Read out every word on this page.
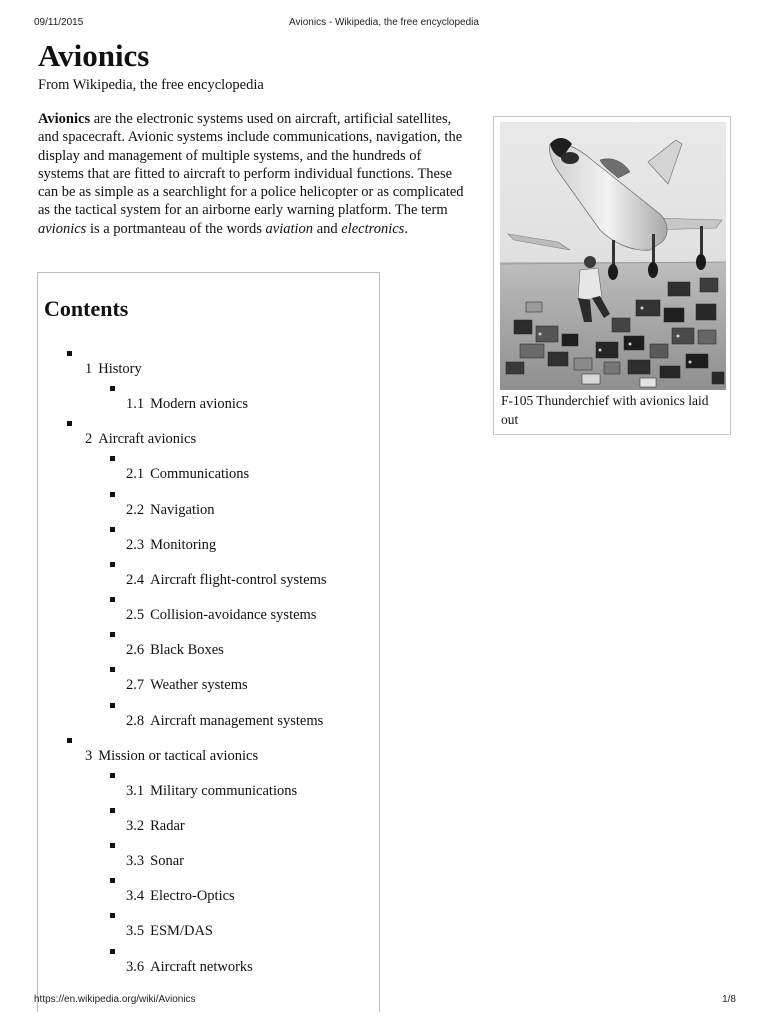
09/11/2015	Avionics - Wikipedia, the free encyclopedia
Avionics
From Wikipedia, the free encyclopedia

Avionics are the electronic systems used on aircraft, artificial satellites, and spacecraft. Avionic systems include communications, navigation, the display and management of multiple systems, and the hundreds of systems that are fitted to aircraft to perform individual functions. These can be as simple as a searchlight for a police helicopter or as complicated as the tactical system for an airborne early warning platform. The term avionics is a portmanteau of the words aviation and electronics.

F-105 Thunderchief with avionics laid out
Contents
1 History
1.1 Modern avionics
2 Aircraft avionics
2.1 Communications
2.2 Navigation
2.3 Monitoring
2.4 Aircraft flight-control systems
2.5 Collision-avoidance systems
2.6 Black Boxes
2.7 Weather systems
2.8 Aircraft management systems
3 Mission or tactical avionics
3.1 Military communications
3.2 Radar
3.3 Sonar
3.4 Electro-Optics
3.5 ESM/DAS
3.6 Aircraft networks
https://en.wikipedia.org/wiki/Avionics	1/8
